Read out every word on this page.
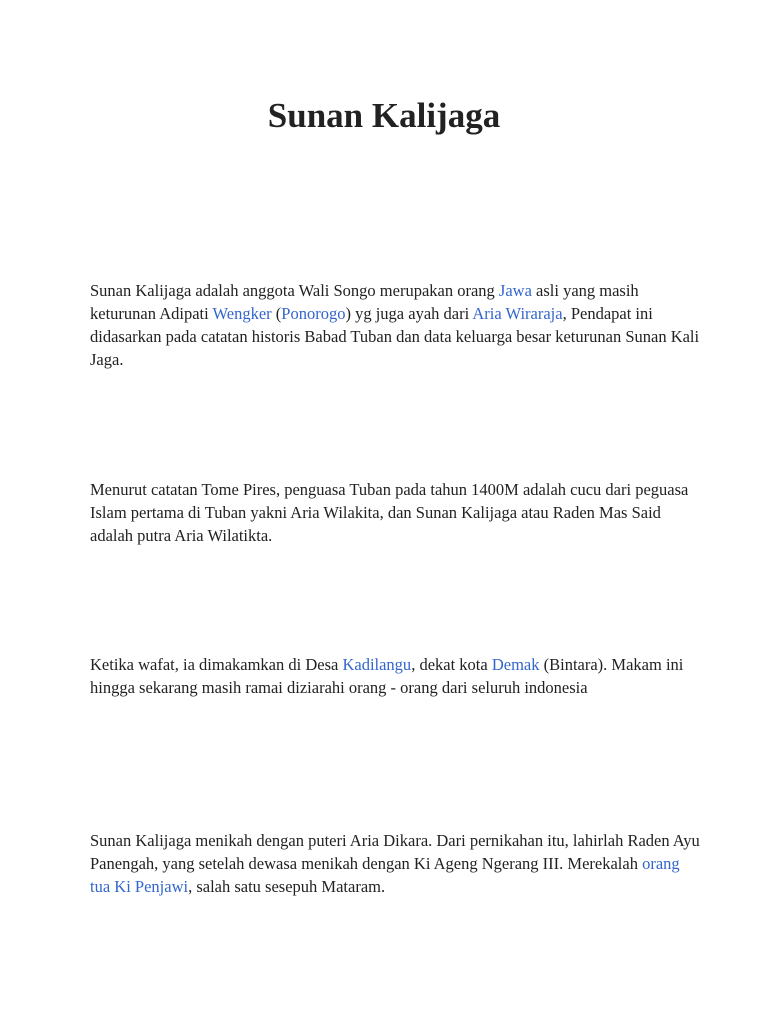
Sunan Kalijaga

Sunan Kalijaga adalah anggota Wali Songo merupakan orang Jawa asli yang masih keturunan Adipati Wengker (Ponorogo) yg juga ayah dari Aria Wiraraja, Pendapat ini didasarkan pada catatan historis Babad Tuban dan data keluarga besar keturunan Sunan Kali Jaga.

Menurut catatan Tome Pires, penguasa Tuban pada tahun 1400M adalah cucu dari peguasa Islam pertama di Tuban yakni Aria Wilakita, dan Sunan Kalijaga atau Raden Mas Said adalah putra Aria Wilatikta.

Ketika wafat, ia dimakamkan di Desa Kadilangu, dekat kota Demak (Bintara). Makam ini hingga sekarang masih ramai diziarahi orang - orang dari seluruh indonesia

Sunan Kalijaga menikah dengan puteri Aria Dikara. Dari pernikahan itu, lahirlah Raden Ayu Panengah, yang setelah dewasa menikah dengan Ki Ageng Ngerang III. Merekalah orang tua Ki Penjawi, salah satu sesepuh Mataram.
